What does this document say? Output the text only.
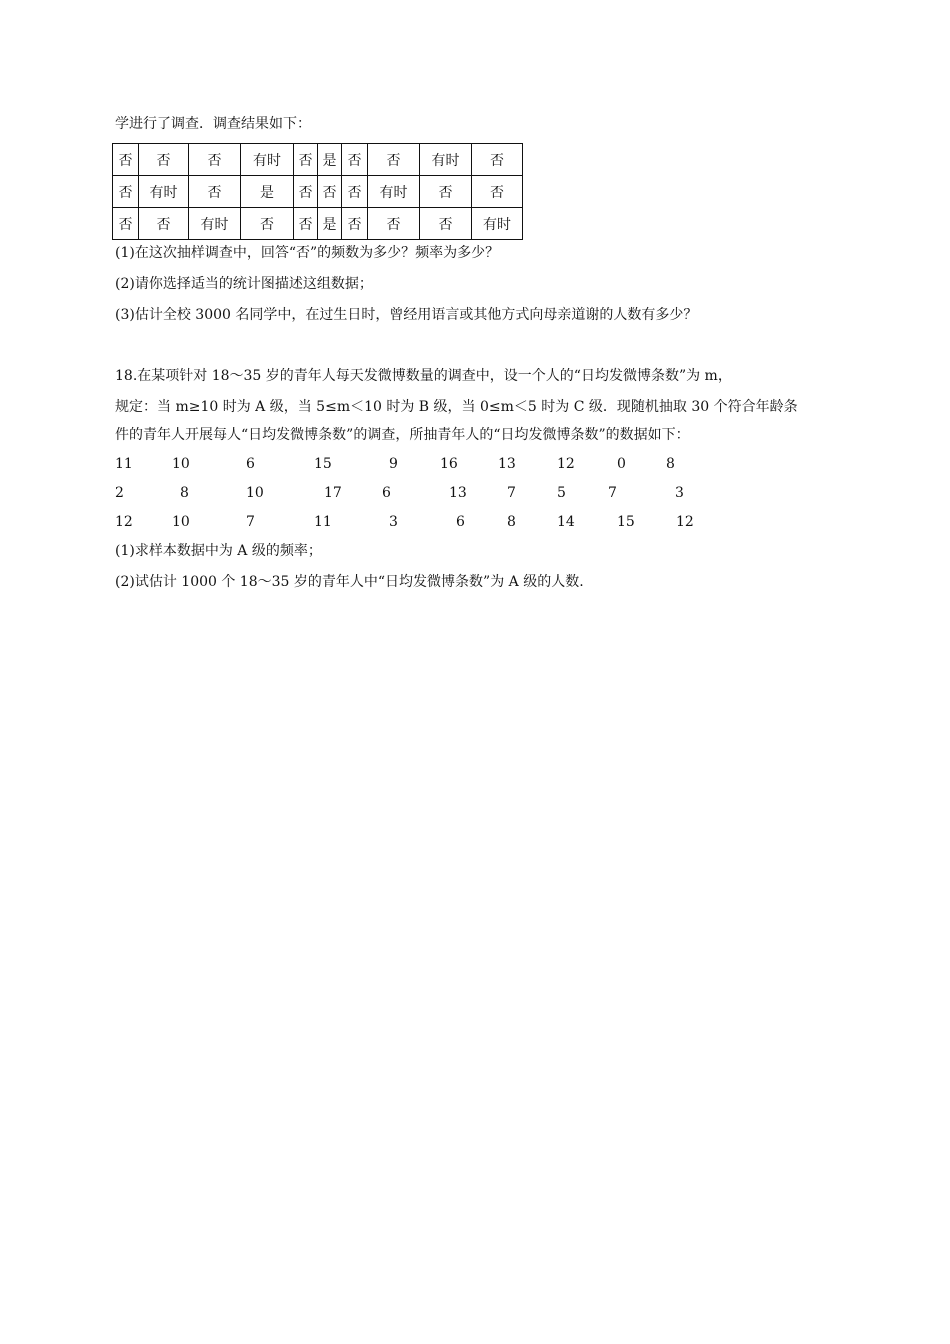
学进行了调查．调查结果如下：
否	否	否	有时	否	是	否	否	有时	否
否	有时	否	是	否	否	否	有时	否	否
否	否	有时	否	否	是	否	否	否	有时
(1)在这次抽样调查中，回答“否”的频数为多少？频率为多少？
(2)请你选择适当的统计图描述这组数据；
(3)估计全校 3000 名同学中，在过生日时，曾经用语言或其他方式向母亲道谢的人数有多少？
18.在某项针对 18～35 岁的青年人每天发微博数量的调查中，设一个人的“日均发微博条数”为 m，
规定：当 m≥10 时为 A 级，当 5≤m＜10 时为 B 级，当 0≤m＜5 时为 C 级．现随机抽取 30 个符合年龄条
件的青年人开展每人“日均发微博条数”的调查，所抽青年人的“日均发微博条数”的数据如下：
11	10	6	15	9	16	13	12	0	8
2	8	10	17	6	13	7	5	7	3
12	10	7	11	3	6	8	14	15	12
(1)求样本数据中为 A 级的频率；
(2)试估计 1000 个 18～35 岁的青年人中“日均发微博条数”为 A 级的人数.
